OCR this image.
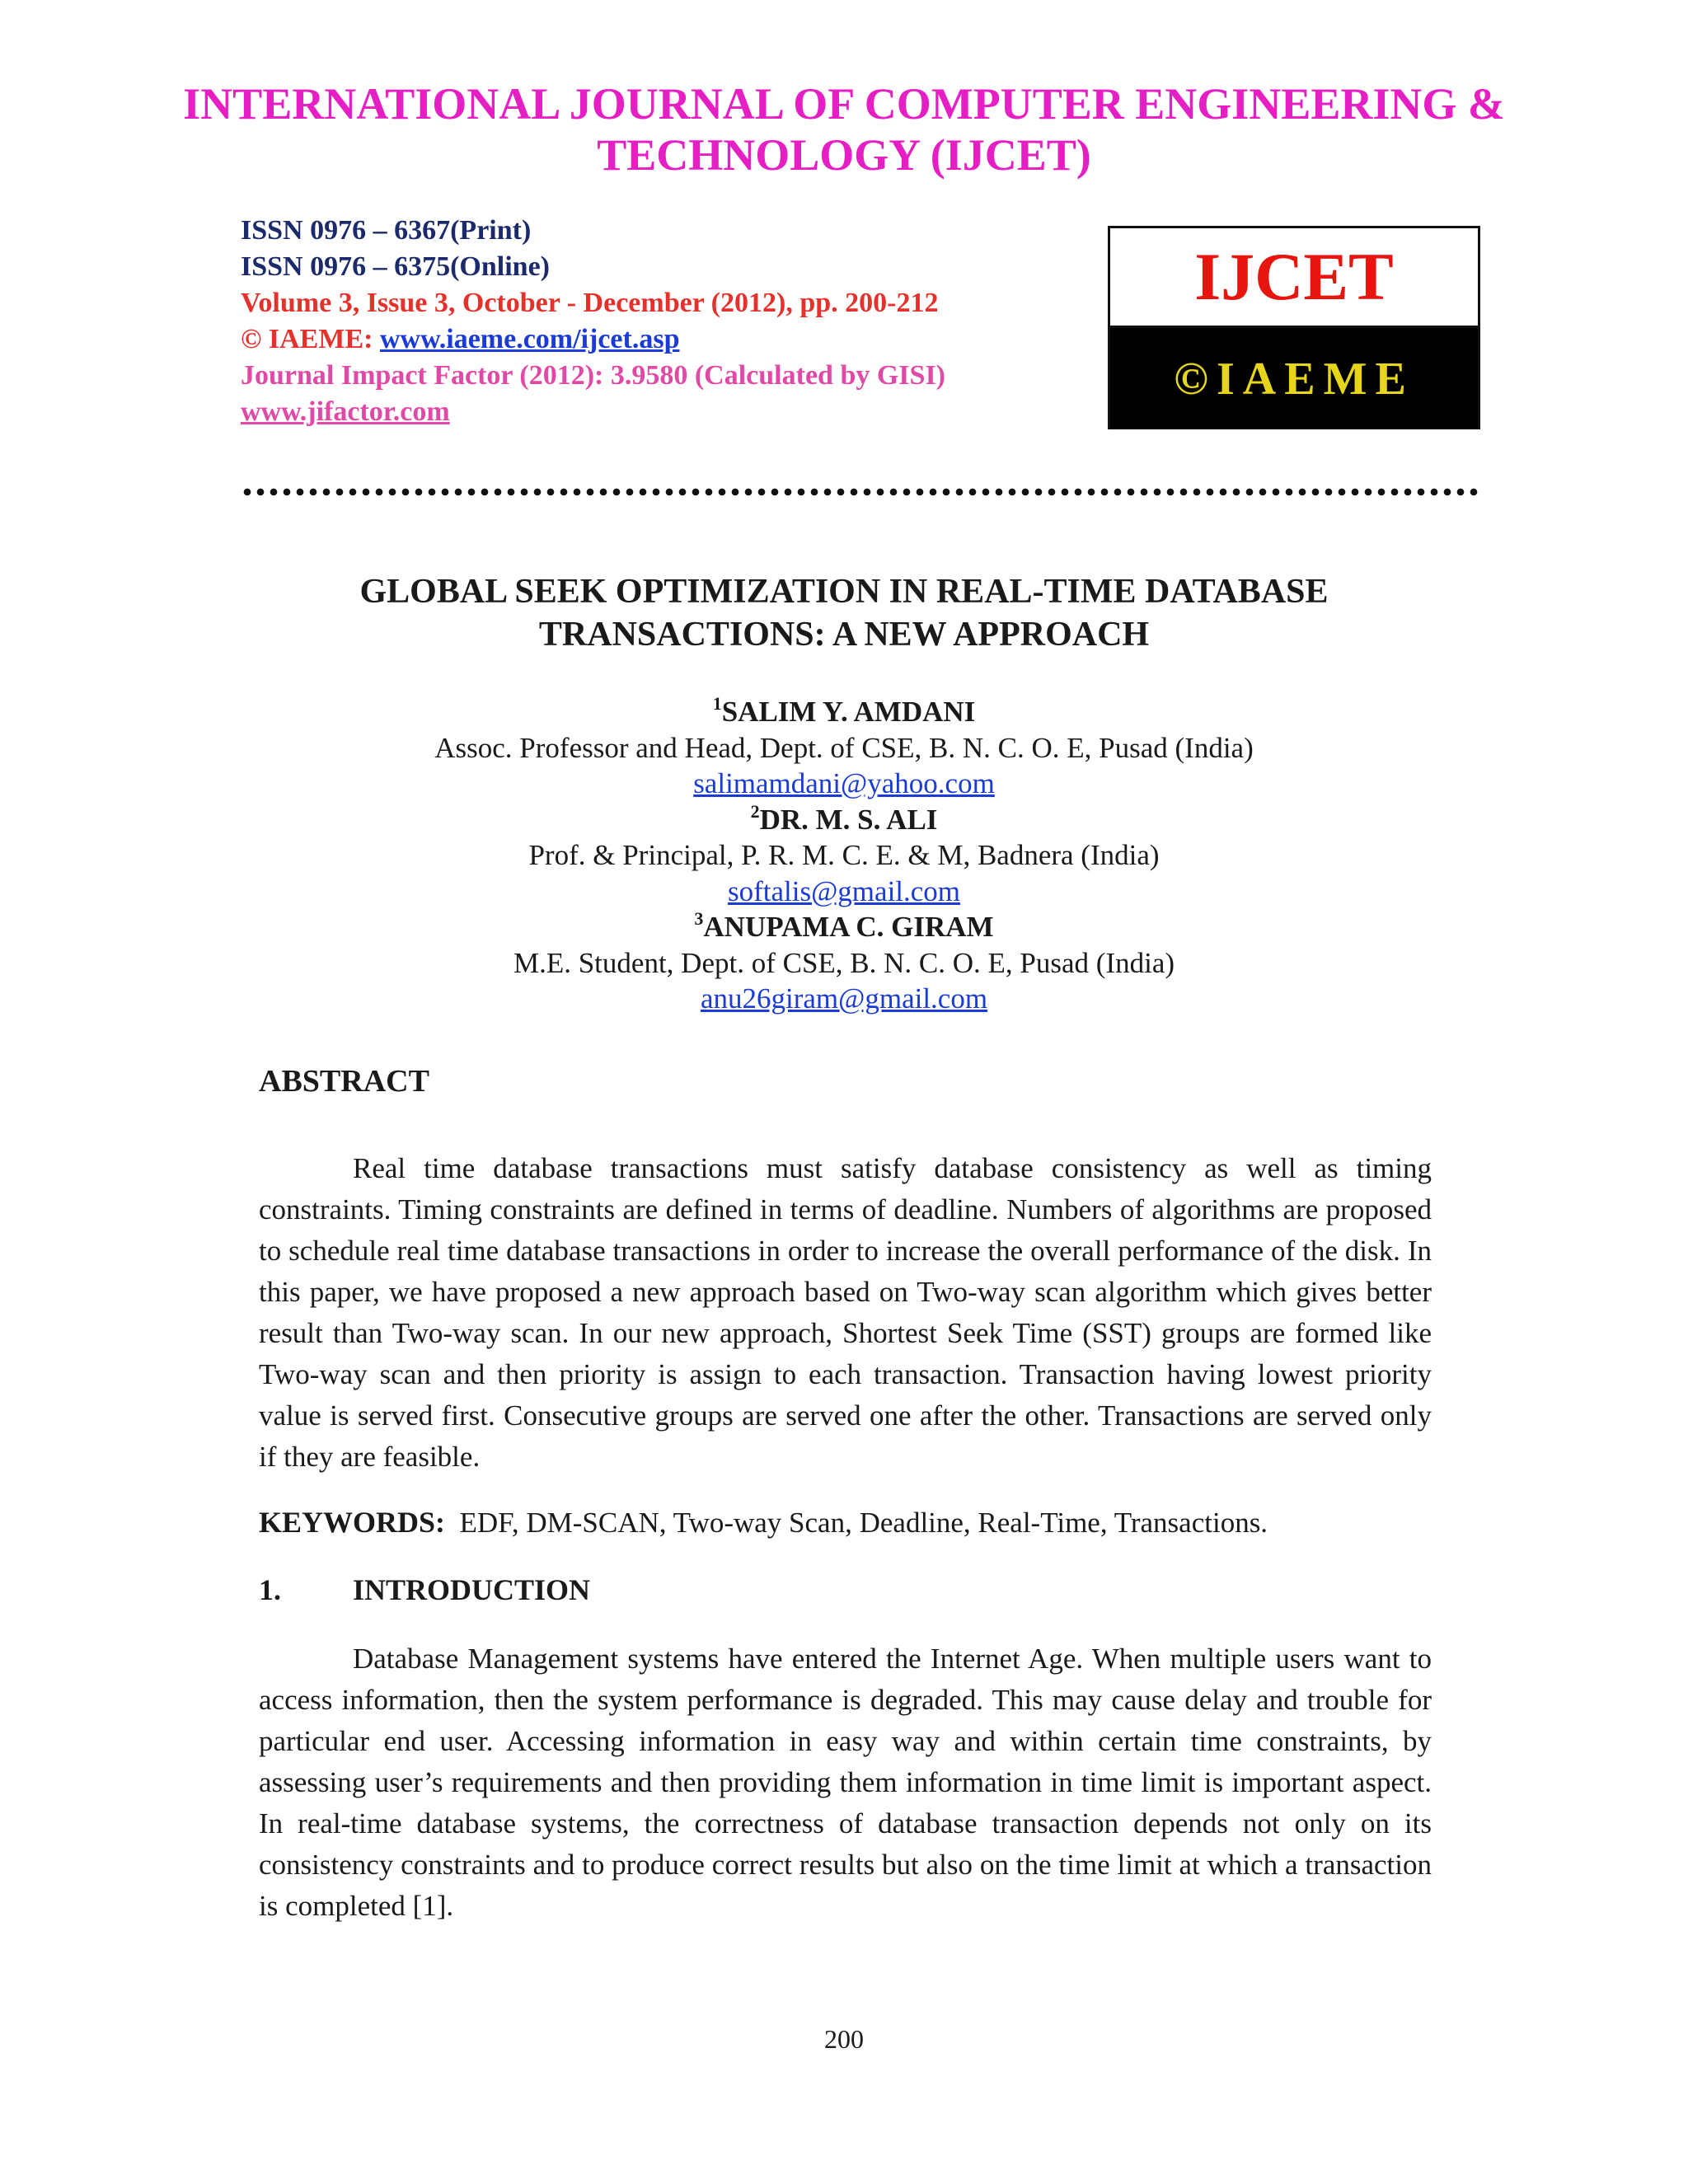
INTERNATIONAL JOURNAL OF COMPUTER ENGINEERING &
TECHNOLOGY (IJCET)
ISSN 0976 – 6367(Print)
ISSN 0976 – 6375(Online)
Volume 3, Issue 3, October - December (2012), pp. 200-212
© IAEME: www.iaeme.com/ijcet.asp
Journal Impact Factor (2012): 3.9580 (Calculated by GISI)
www.jifactor.com
IJCET
©IAEME
GLOBAL SEEK OPTIMIZATION IN REAL-TIME DATABASE
TRANSACTIONS: A NEW APPROACH
$^1$SALIM Y. AMDANI
Assoc. Professor and Head, Dept. of CSE, B. N. C. O. E, Pusad (India)
salimamdani@yahoo.com
$^2$DR. M. S. ALI
Prof. & Principal, P. R. M. C. E. & M, Badnera (India)
softalis@gmail.com
$^3$ANUPAMA C. GIRAM
M.E. Student, Dept. of CSE, B. N. C. O. E, Pusad (India)
anu26giram@gmail.com
ABSTRACT
Real time database transactions must satisfy database consistency as well as timing constraints. Timing constraints are defined in terms of deadline. Numbers of algorithms are proposed to schedule real time database transactions in order to increase the overall performance of the disk. In this paper, we have proposed a new approach based on Two-way scan algorithm which gives better result than Two-way scan. In our new approach, Shortest Seek Time (SST) groups are formed like Two-way scan and then priority is assign to each transaction. Transaction having lowest priority value is served first. Consecutive groups are served one after the other. Transactions are served only if they are feasible.
KEYWORDS: EDF, DM-SCAN, Two-way Scan, Deadline, Real-Time, Transactions.
1. INTRODUCTION
Database Management systems have entered the Internet Age. When multiple users want to access information, then the system performance is degraded. This may cause delay and trouble for particular end user. Accessing information in easy way and within certain time constraints, by assessing user’s requirements and then providing them information in time limit is important aspect. In real-time database systems, the correctness of database transaction depends not only on its consistency constraints and to produce correct results but also on the time limit at which a transaction is completed [1].
200
